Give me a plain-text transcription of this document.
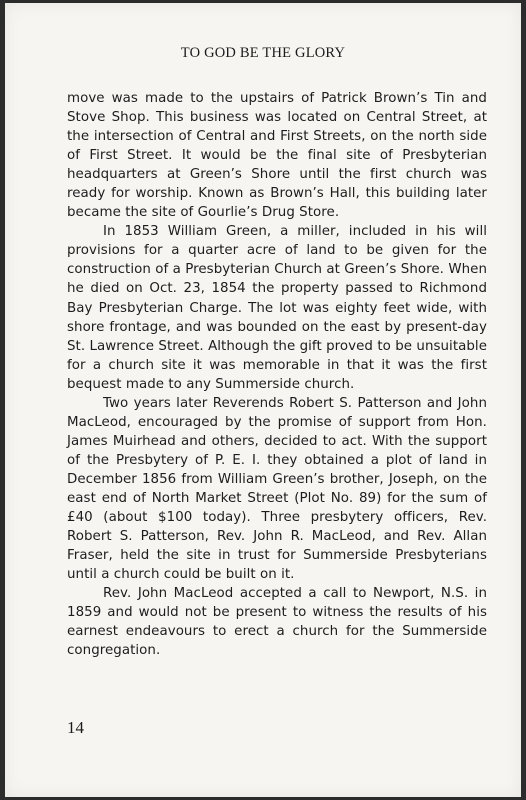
TO GOD BE THE GLORY

move was made to the upstairs of Patrick Brown’s Tin and Stove Shop. This business was located on Central Street, at the intersection of Central and First Streets, on the north side of First Street. It would be the final site of Presbyterian headquarters at Green’s Shore until the first church was ready for worship. Known as Brown’s Hall, this building later became the site of Gourlie’s Drug Store.

In 1853 William Green, a miller, included in his will provisions for a quarter acre of land to be given for the construction of a Presbyterian Church at Green’s Shore. When he died on Oct. 23, 1854 the property passed to Richmond Bay Presbyterian Charge. The lot was eighty feet wide, with shore frontage, and was bounded on the east by present-day St. Lawrence Street. Although the gift proved to be unsuitable for a church site it was memorable in that it was the first bequest made to any Summerside church.

Two years later Reverends Robert S. Patterson and John MacLeod, encouraged by the promise of support from Hon. James Muirhead and others, decided to act. With the support of the Presbytery of P. E. I. they obtained a plot of land in December 1856 from William Green’s brother, Joseph, on the east end of North Market Street (Plot No. 89) for the sum of £40 (about $100 today). Three presbytery officers, Rev. Robert S. Patterson, Rev. John R. MacLeod, and Rev. Allan Fraser, held the site in trust for Summerside Presbyterians until a church could be built on it.

Rev. John MacLeod accepted a call to Newport, N.S. in 1859 and would not be present to witness the results of his earnest endeavours to erect a church for the Summerside congregation.

14
